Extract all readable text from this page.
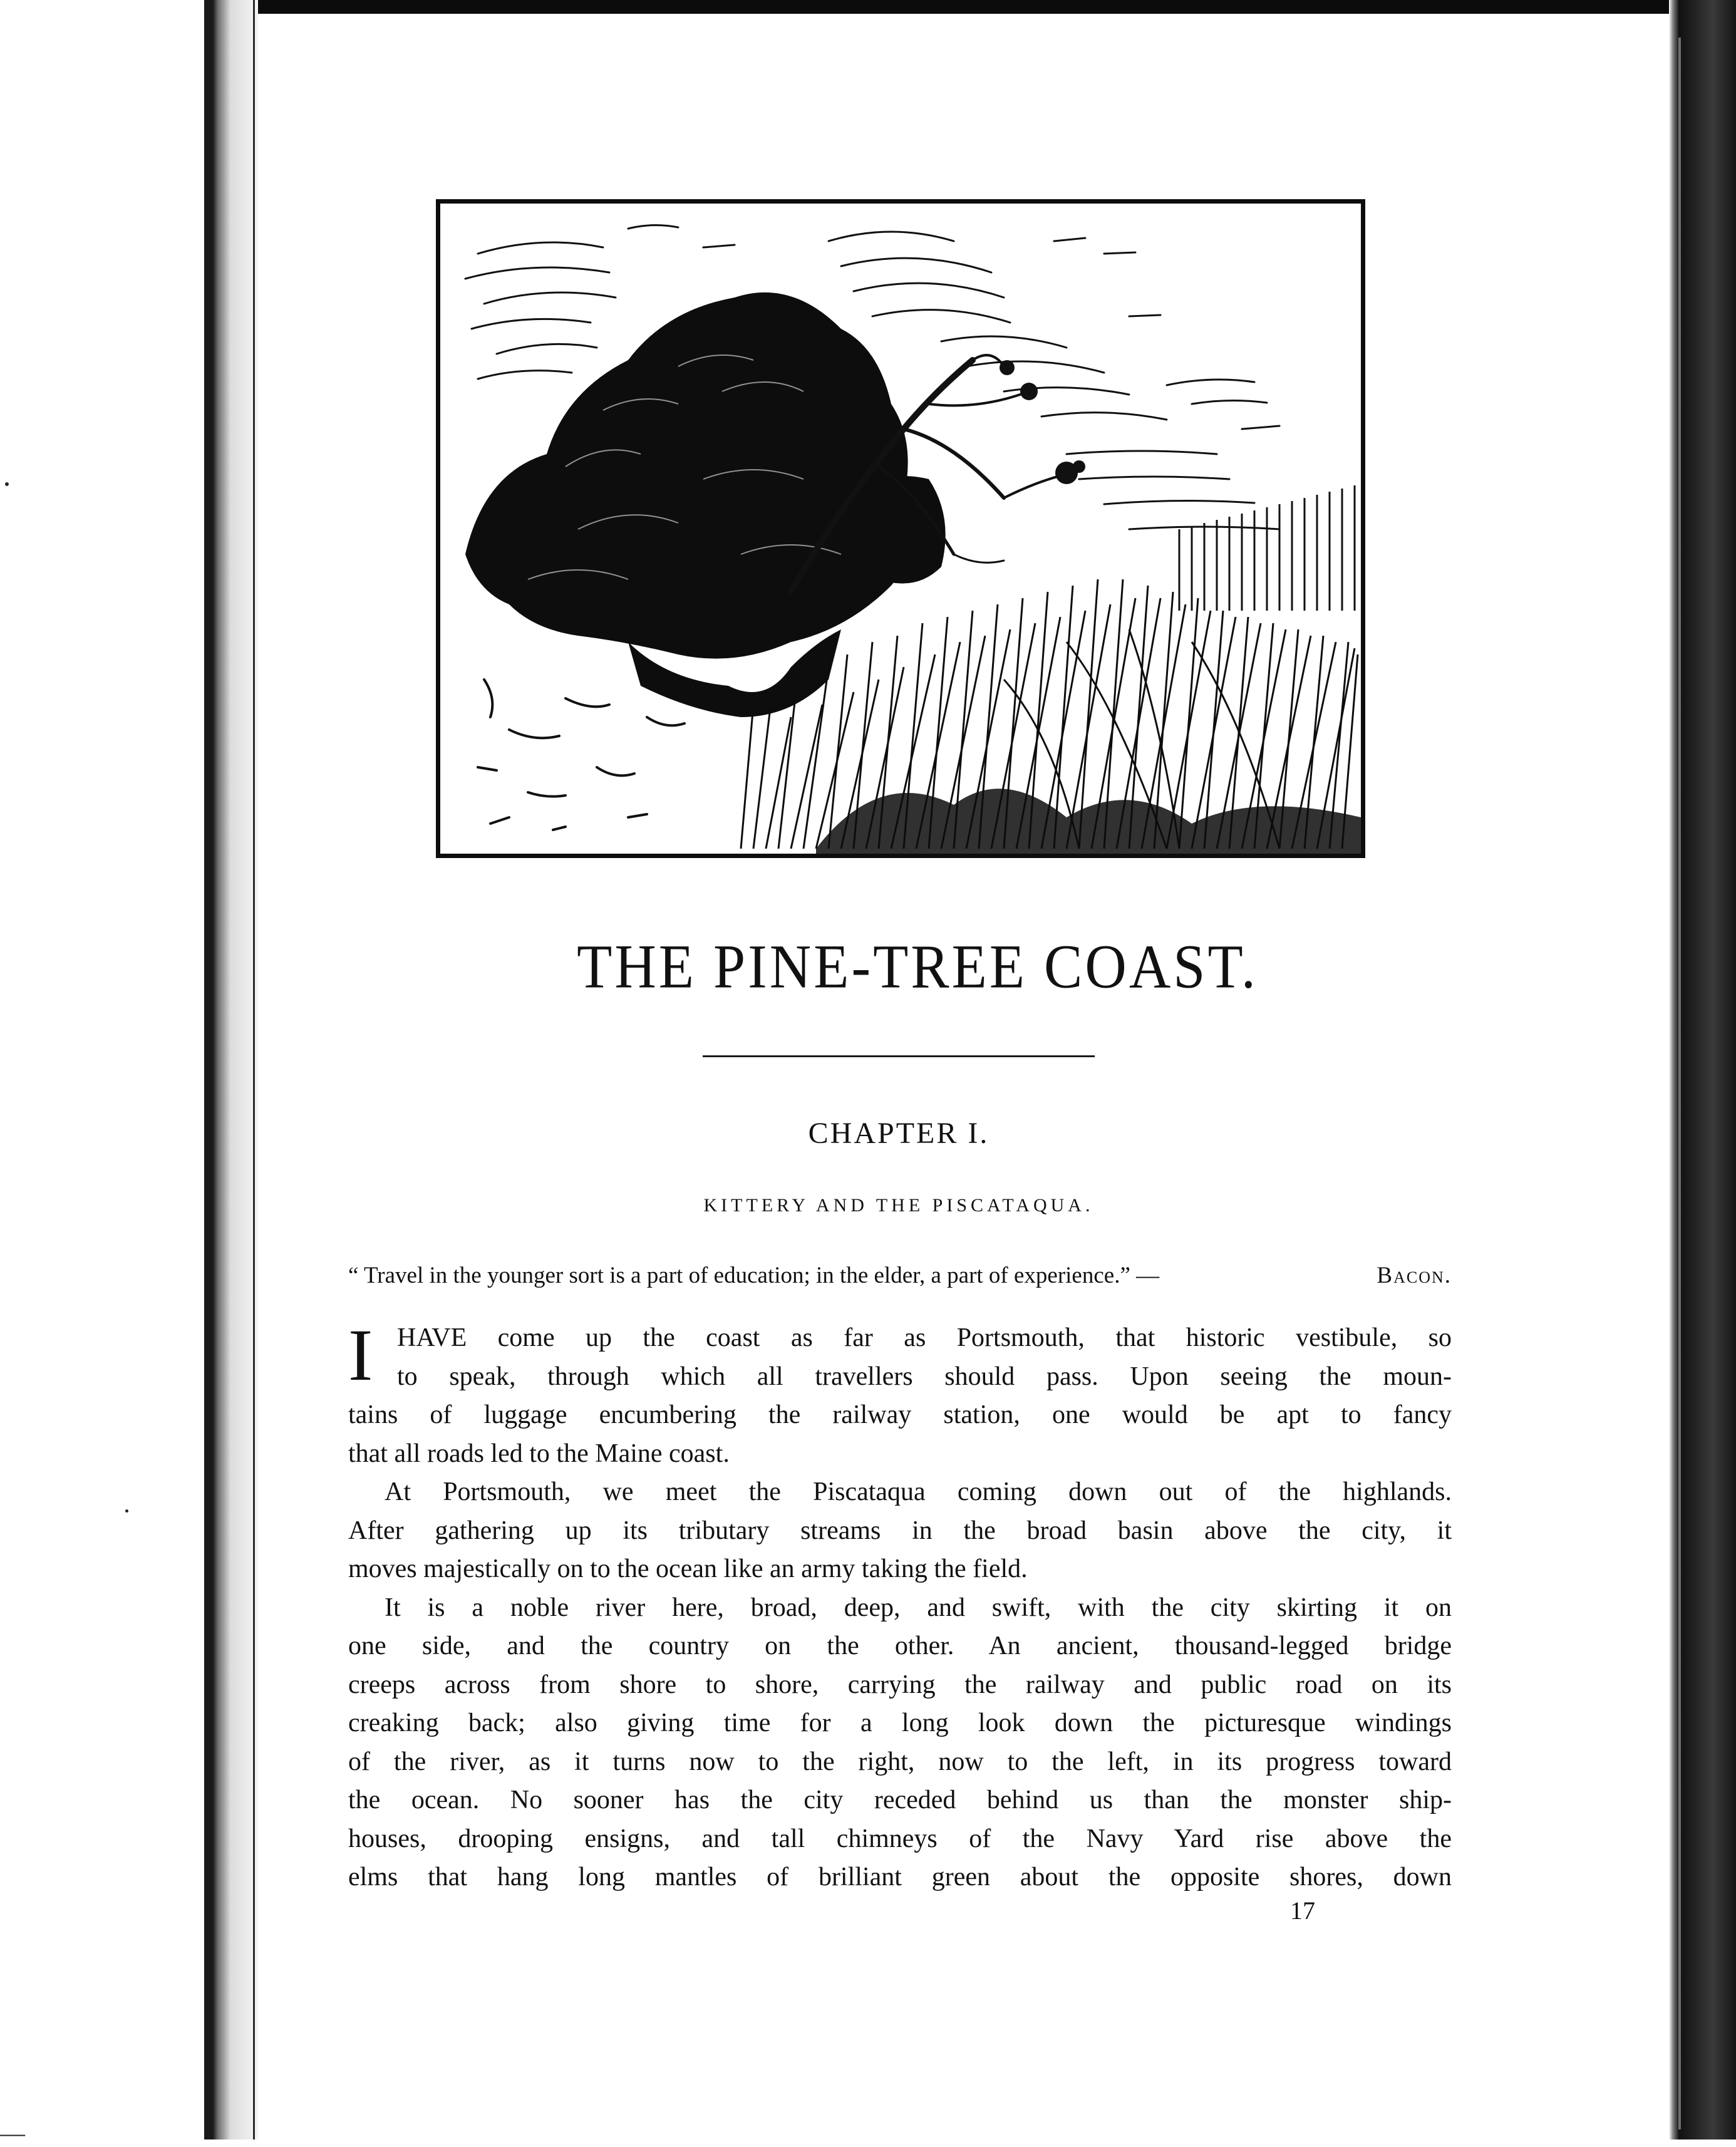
—
THE PINE-TREE COAST.
CHAPTER I.
KITTERY AND THE PISCATAQUA.
“ Travel in the younger sort is a part of education; in the elder, a part of experience.” —	Bacon.
I HAVE come up the coast as far as Portsmouth, that historic vestibule, so
to speak, through which all travellers should pass. Upon seeing the moun-
tains of luggage encumbering the railway station, one would be apt to fancy
that all roads led to the Maine coast.
At Portsmouth, we meet the Piscataqua coming down out of the highlands.
After gathering up its tributary streams in the broad basin above the city, it
moves majestically on to the ocean like an army taking the field.
It is a noble river here, broad, deep, and swift, with the city skirting it on
one side, and the country on the other. An ancient, thousand-legged bridge
creeps across from shore to shore, carrying the railway and public road on its
creaking back; also giving time for a long look down the picturesque windings
of the river, as it turns now to the right, now to the left, in its progress toward
the ocean. No sooner has the city receded behind us than the monster ship-
houses, drooping ensigns, and tall chimneys of the Navy Yard rise above the
elms that hang long mantles of brilliant green about the opposite shores, down
17
